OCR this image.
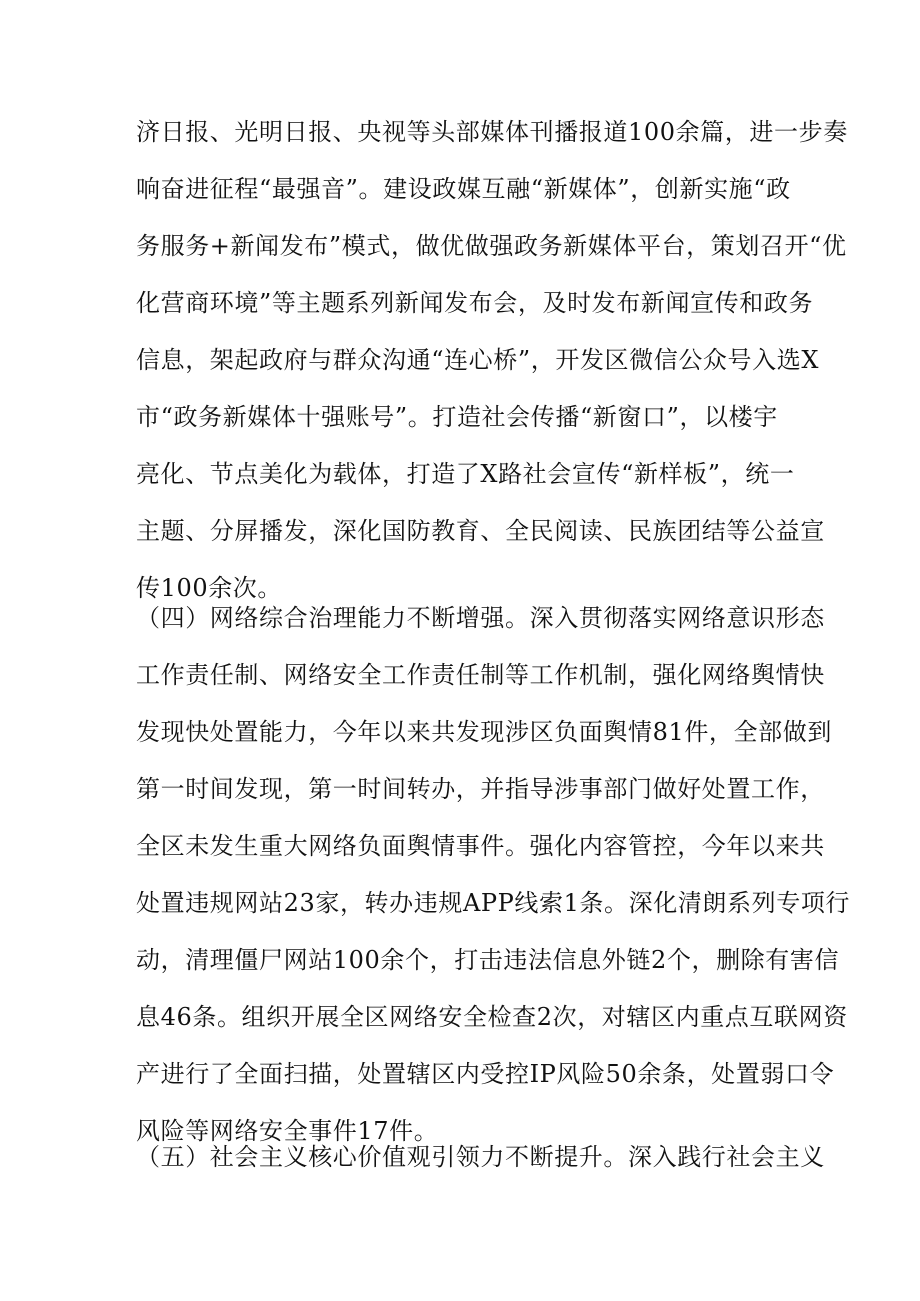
济日报、光明日报、央视等头部媒体刊播报道100余篇，进一步奏
响奋进征程“最强音”。建设政媒互融“新媒体”，创新实施“政
务服务+新闻发布”模式，做优做强政务新媒体平台，策划召开“优
化营商环境”等主题系列新闻发布会，及时发布新闻宣传和政务
信息，架起政府与群众沟通“连心桥”，开发区微信公众号入选X
市“政务新媒体十强账号”。打造社会传播“新窗口”，以楼宇
亮化、节点美化为载体，打造了X路社会宣传“新样板”，统一
主题、分屏播发，深化国防教育、全民阅读、民族团结等公益宣
传100余次。
（四）网络综合治理能力不断增强。深入贯彻落实网络意识形态
工作责任制、网络安全工作责任制等工作机制，强化网络舆情快
发现快处置能力，今年以来共发现涉区负面舆情81件，全部做到
第一时间发现，第一时间转办，并指导涉事部门做好处置工作，
全区未发生重大网络负面舆情事件。强化内容管控，今年以来共
处置违规网站23家，转办违规APP线索1条。深化清朗系列专项行
动，清理僵尸网站100余个，打击违法信息外链2个，删除有害信
息46条。组织开展全区网络安全检查2次，对辖区内重点互联网资
产进行了全面扫描，处置辖区内受控IP风险50余条，处置弱口令
风险等网络安全事件17件。
（五）社会主义核心价值观引领力不断提升。深入践行社会主义
